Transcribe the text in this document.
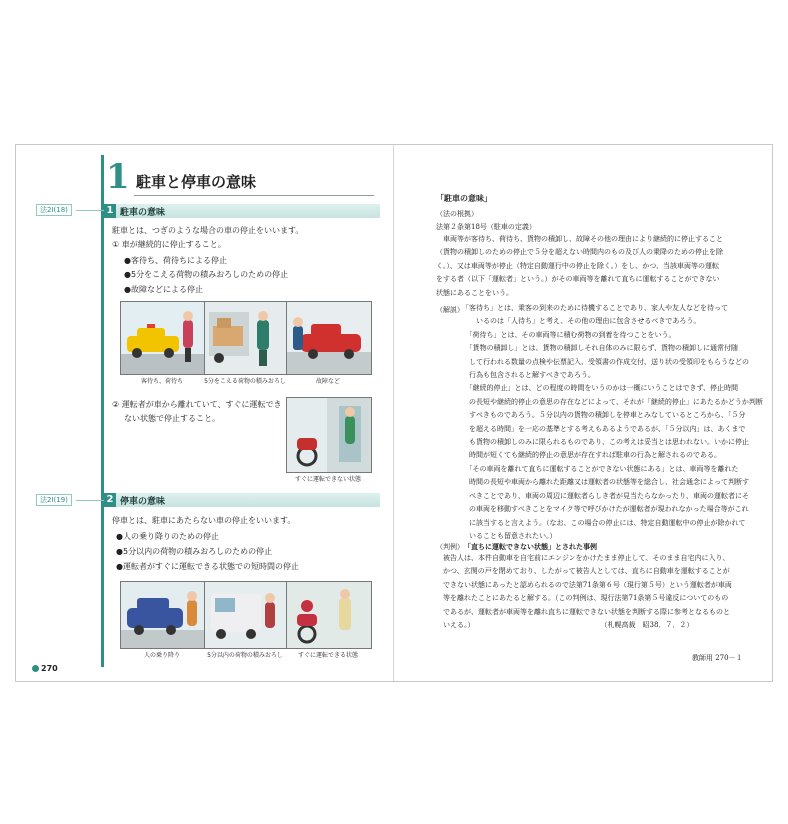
1 駐車と停車の意味
法2Ⅰ(18)	1 駐車の意味
駐車とは、つぎのような場合の車の停止をいいます。
① 車が継続的に停止すること。
●客待ち、荷待ちによる停止
●5分をこえる荷物の積みおろしのための停止
●故障などによる停止
客待ち、荷待ち	5分をこえる荷物の積みおろし	故障など
② 運転者が車から離れていて、すぐに運転でき
ない状態で停止すること。
すぐに運転できない状態
法2Ⅰ(19)	2 停車の意味
停車とは、駐車にあたらない車の停止をいいます。
●人の乗り降りのための停止
●5分以内の荷物の積みおろしのための停止
●運転者がすぐに運転できる状態での短時間の停止
人の乗り降り	5分以内の荷物の積みおろし	すぐに運転できる状態
270
「駐車の意味」
（法の根拠）
法第２条第18号（駐車の定義）
　車両等が客待ち、荷待ち、貨物の積卸し、故障その他の理由により継続的に停止すること
（貨物の積卸しのための停止で５分を超えない時間内のもの及び人の乗降のための停止を除
く。）、又は車両等が停止（特定自動運行中の停止を除く。）をし、かつ、当該車両等の運転
をする者（以下「運転者」という。）がその車両等を離れて直ちに運転することができない
状態にあることをいう。
（解説）
「客待ち」とは、乗客の到来のために待機することであり、家人や友人などを待って
　　いるのは「人待ち」と考え、その他の理由に包含させるべきであろう。
　「荷待ち」とは、その車両等に積む荷物の到着を待つことをいう。
　「貨物の積卸し」とは、貨物の積卸しそれ自体のみに限らず、貨物の積卸しに通常付随
　して行われる数量の点検や伝票記入、受領書の作成交付、送り状の受領印をもらうなどの
　行為も包含されると解すべきであろう。
　「継続的停止」とは、どの程度の時間をいうのかは一概にいうことはできず、停止時間
　の長短や継続的停止の意思の存在などによって、それが「継続的停止」にあたるかどうか判断
　すべきものであろう。５分以内の貨物の積卸しを停車とみなしているところから、「５分
　を超える時間」を一応の基準とする考えもあるようであるが、「５分以内」は、あくまで
　も貨物の積卸しのみに限られるものであり、この考えは妥当とは思われない。いかに停止
　時間が短くても継続的停止の意思が存在すれば駐車の行為と解されるのである。
　「その車両を離れて直ちに運転することができない状態にある」とは、車両等を離れた
　時間の長短や車両から離れた距離又は運転者の状態等を総合し、社会通念によって判断す
　べきことであり、車両の周辺に運転者らしき者が見当たらなかったり、車両の運転者にそ
　の車両を移動すべきことをマイク等で呼びかけたが運転者が現われなかった場合等がこれ
　に該当すると言えよう。（なお、この場合の停止には、特定自動運転中の停止が除かれて
　いることも留意されたい。）
（判例） 「直ちに運転できない状態」とされた事例
　被告人は、本件自動車を自宅前にエンジンをかけたまま停止して、そのまま自宅内に入り、
　かつ、玄関の戸を閉めており、したがって被告人としては、直ちに自動車を運転することが
　できない状態にあったと認められるので法第71条第６号（現行第５号）という運転者が車両
　等を離れたことにあたると解する。（この判例は、現行法第71条第５号違反についてのもの
　であるが、運転者が車両等を離れ直ちに運転できない状態を判断する際に参考となるものと
　いえる。）　　　　　　　　　　　　　　　　　　　（札幌高裁　昭38．７．２）
教師用 270－１
